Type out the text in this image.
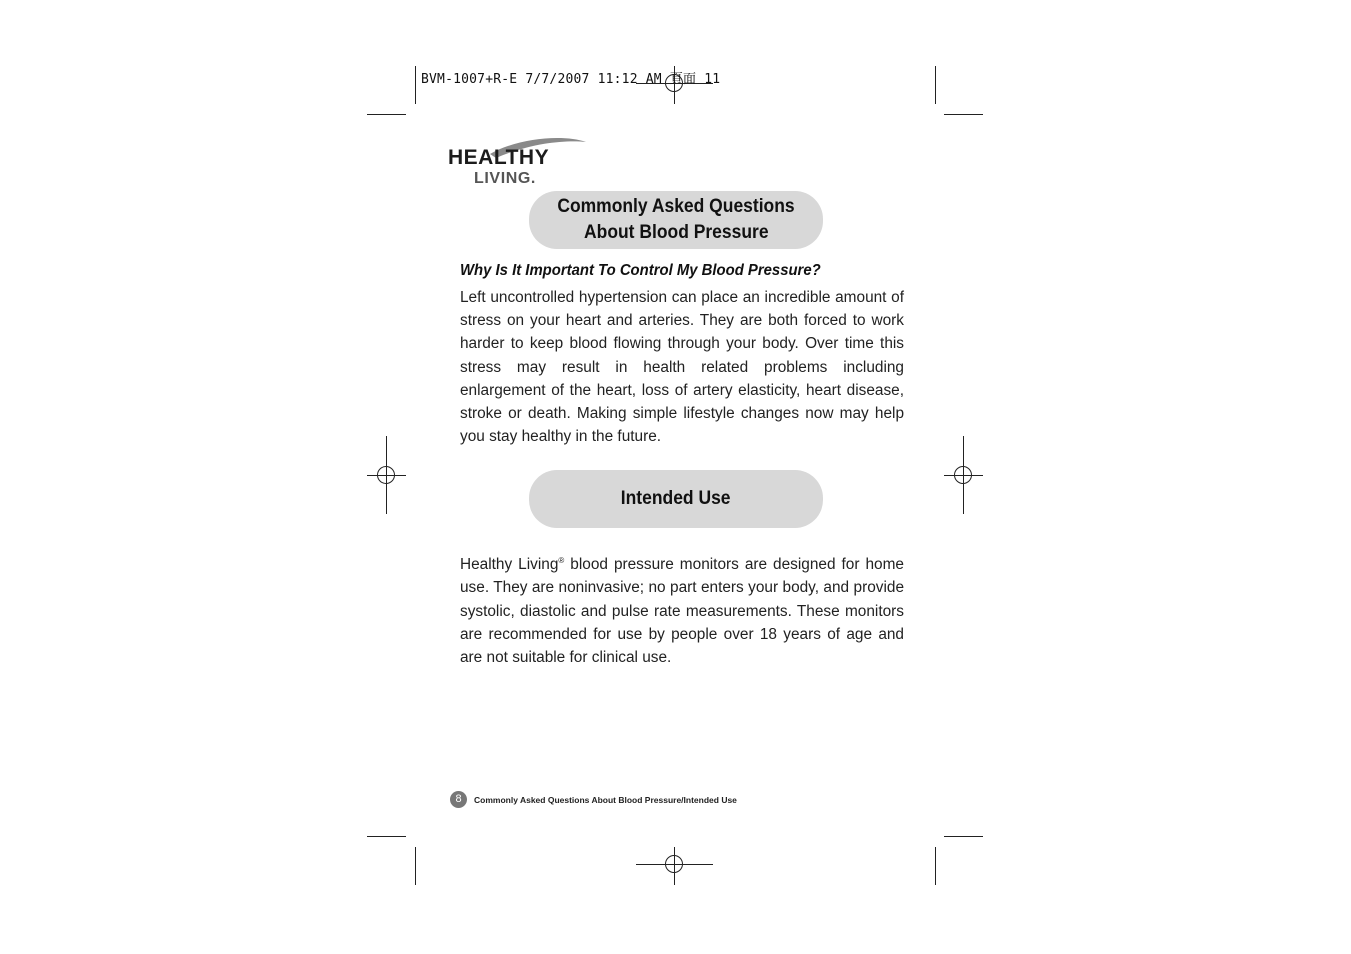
BVM-1007+R-E 7/7/2007 11:12 AM 頁面 11
HEALTHY
LIVING.
Commonly Asked Questions
About Blood Pressure
Why Is It Important To Control My Blood Pressure?

Left uncontrolled hypertension can place an incredible amount of stress on your heart and arteries. They are both forced to work harder to keep blood flowing through your body. Over time this stress may result in health related problems including enlargement of the heart, loss of artery elasticity, heart disease, stroke or death. Making simple lifestyle changes now may help you stay healthy in the future.

Intended Use

Healthy Living® blood pressure monitors are designed for home use. They are noninvasive; no part enters your body, and provide systolic, diastolic and pulse rate measurements. These monitors are recommended for use by people over 18 years of age and are not suitable for clinical use.

8	Commonly Asked Questions About Blood Pressure/Intended Use
